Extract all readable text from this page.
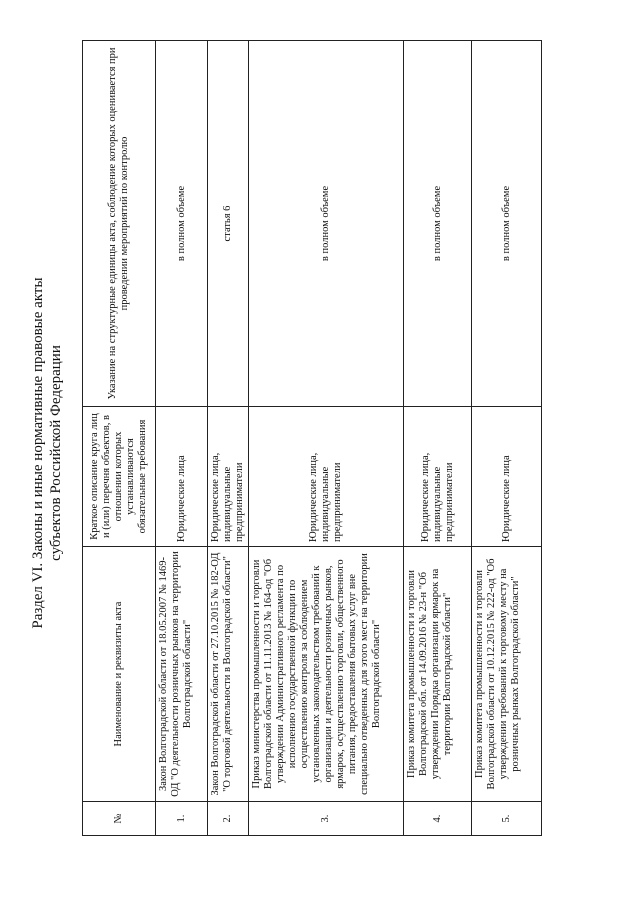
Раздел VI. Законы и иные нормативные правовые акты субъектов Российской Федерации
№	Наименование и реквизиты акта	Краткое описание круга лиц и (или) перечня объектов, в отношении которых устанавливаются обязательные требования	Указание на структурные единицы акта, соблюдение которых оценивается при проведении мероприятий по контролю
1.	Закон Волгоградской области от 18.05.2007 № 1469-ОД "О деятельности розничных рынков на территории Волгоградской области"	Юридические лица	в полном объеме
2.	Закон Волгоградской области от 27.10.2015 № 182-ОД "О торговой деятельности в Волгоградской области"	Юридические лица, индивидуальные предприниматели	статья 6
3.	Приказ министерства промышленности и торговли Волгоградской области от 11.11.2013 № 164-од "Об утверждении Административного регламента по исполнению государственной функции по осуществлению контроля за соблюдением установленных законодательством требований к организации и деятельности розничных рынков, ярмарок, осуществлению торговли, общественного питания, предоставления бытовых услуг вне специально отведенных для этого мест на территории Волгоградской области"	Юридические лица, индивидуальные предприниматели	в полном объеме
4.	Приказ комитета промышленности и торговли Волгоградской обл. от 14.09.2016 № 23-н "Об утверждении Порядка организации ярмарок на территории Волгоградской области"	Юридические лица, индивидуальные предприниматели	в полном объеме
5.	Приказ комитета промышленности и торговли Волгоградской области от 10.12.2015 № 222-од "Об утверждении требований к торговому месту на розничных рынках Волгоградской области"	Юридические лица	в полном объеме
